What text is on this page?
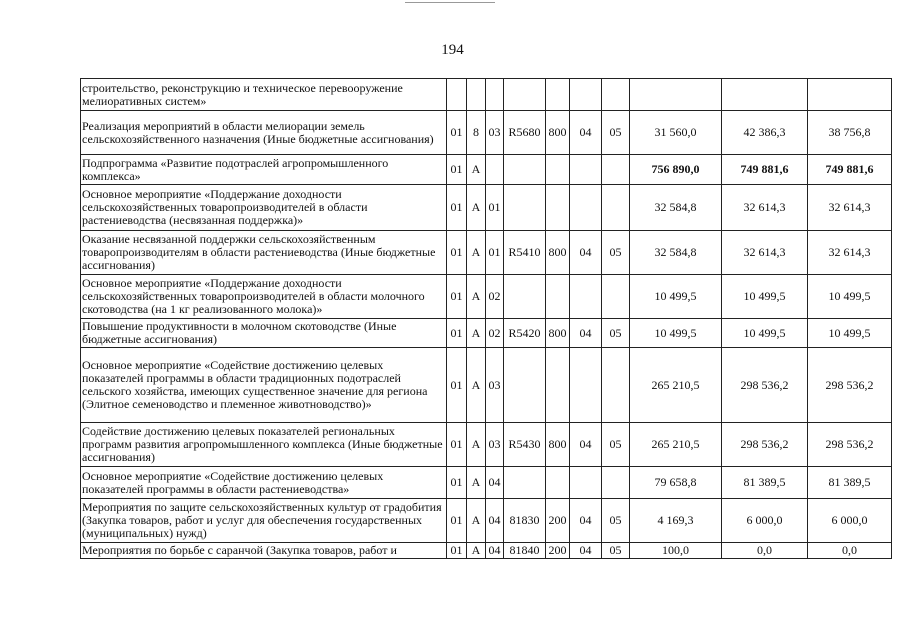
194
строительство, реконструкцию и техническое перевооружение мелиоративных систем»										
Реализация мероприятий в области мелиорации земель сельскохозяйственного назначения (Иные бюджетные ассигнования)	01	8	03	R5680	800	04	05	31 560,0	42 386,3	38 756,8
Подпрограмма «Развитие подотраслей агропромышленного комплекса»	01	А						756 890,0	749 881,6	749 881,6
Основное мероприятие «Поддержание доходности сельскохозяйственных товаропроизводителей в области растениеводства (несвязанная поддержка)»	01	А	01					32 584,8	32 614,3	32 614,3
Оказание несвязанной поддержки сельскохозяйственным товаропроизводителям в области растениеводства (Иные бюджетные ассигнования)	01	А	01	R5410	800	04	05	32 584,8	32 614,3	32 614,3
Основное мероприятие «Поддержание доходности сельскохозяйственных товаропроизводителей в области молочного скотоводства (на 1 кг реализованного молока)»	01	А	02					10 499,5	10 499,5	10 499,5
Повышение продуктивности в молочном скотоводстве (Иные бюджетные ассигнования)	01	А	02	R5420	800	04	05	10 499,5	10 499,5	10 499,5
Основное мероприятие «Содействие достижению целевых показателей программы в области традиционных подотраслей сельского хозяйства, имеющих существенное значение для региона (Элитное семеноводство и племенное животноводство)»	01	А	03					265 210,5	298 536,2	298 536,2
Содействие достижению целевых показателей региональных программ развития агропромышленного комплекса (Иные бюджетные ассигнования)	01	А	03	R5430	800	04	05	265 210,5	298 536,2	298 536,2
Основное мероприятие «Содействие достижению целевых показателей программы в области растениеводства»	01	А	04					79 658,8	81 389,5	81 389,5
Мероприятия по защите сельскохозяйственных культур от градобития (Закупка товаров, работ и услуг для обеспечения государственных (муниципальных) нужд)	01	А	04	81830	200	04	05	4 169,3	6 000,0	6 000,0
Мероприятия по борьбе с саранчой (Закупка товаров, работ и	01	А	04	81840	200	04	05	100,0	0,0	0,0
